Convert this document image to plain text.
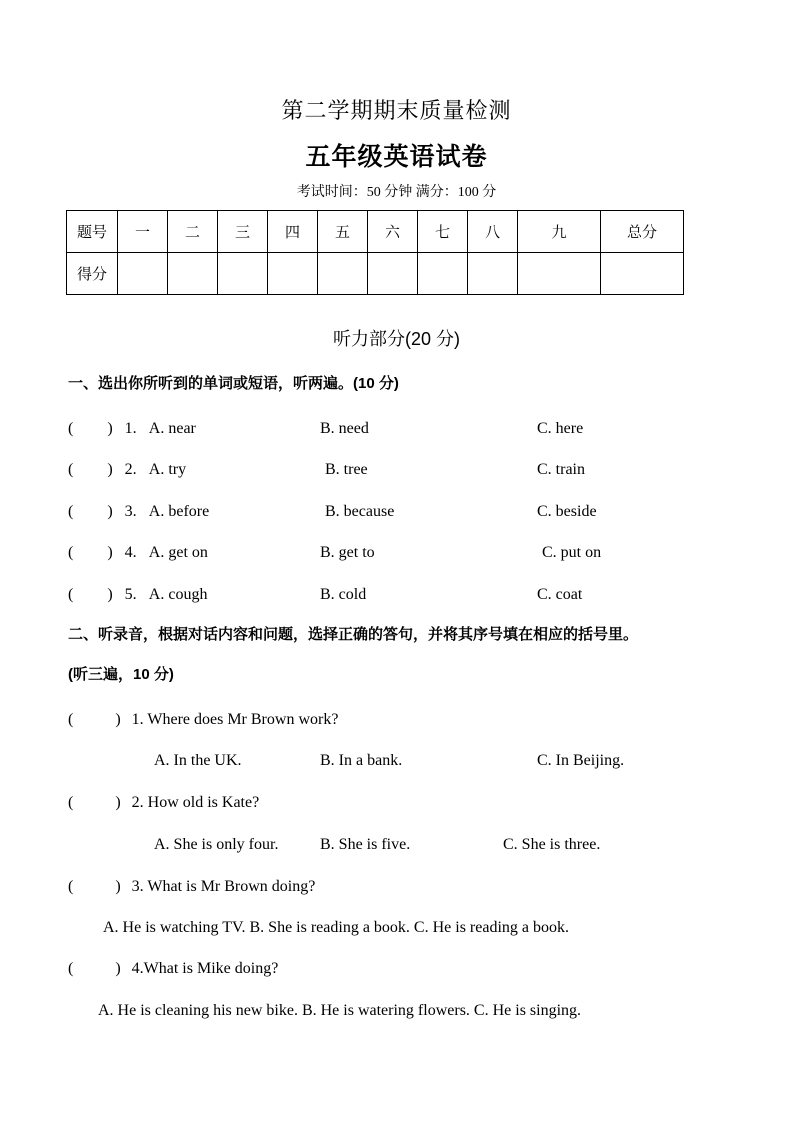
第二学期期末质量检测
五年级英语试卷
考试时间：50 分钟 满分：100 分
题号	一	二	三	四	五	六	七	八	九	总分
得分										
听力部分(20 分)
一、选出你所听到的单词或短语，听两遍。(10 分)
( ) 1. A. near	B. need	C. here
( ) 2. A. try	B. tree	C. train
( ) 3. A. before	B. because	C. beside
( ) 4. A. get on	B. get to	C. put on
( ) 5. A. cough	B. cold	C. coat
二、听录音，根据对话内容和问题，选择正确的答句，并将其序号填在相应的括号里。
(听三遍，10 分)
(	) 1. Where does Mr Brown work?
A. In the UK.	B. In a bank.	C. In Beijing.
(	) 2. How old is Kate?
A. She is only four.	B. She is five.	C. She is three.
(	) 3. What is Mr Brown doing?
A. He is watching TV. B. She is reading a book. C. He is reading a book.
(	) 4.What is Mike doing?
A. He is cleaning his new bike. B. He is watering flowers. C. He is singing.
